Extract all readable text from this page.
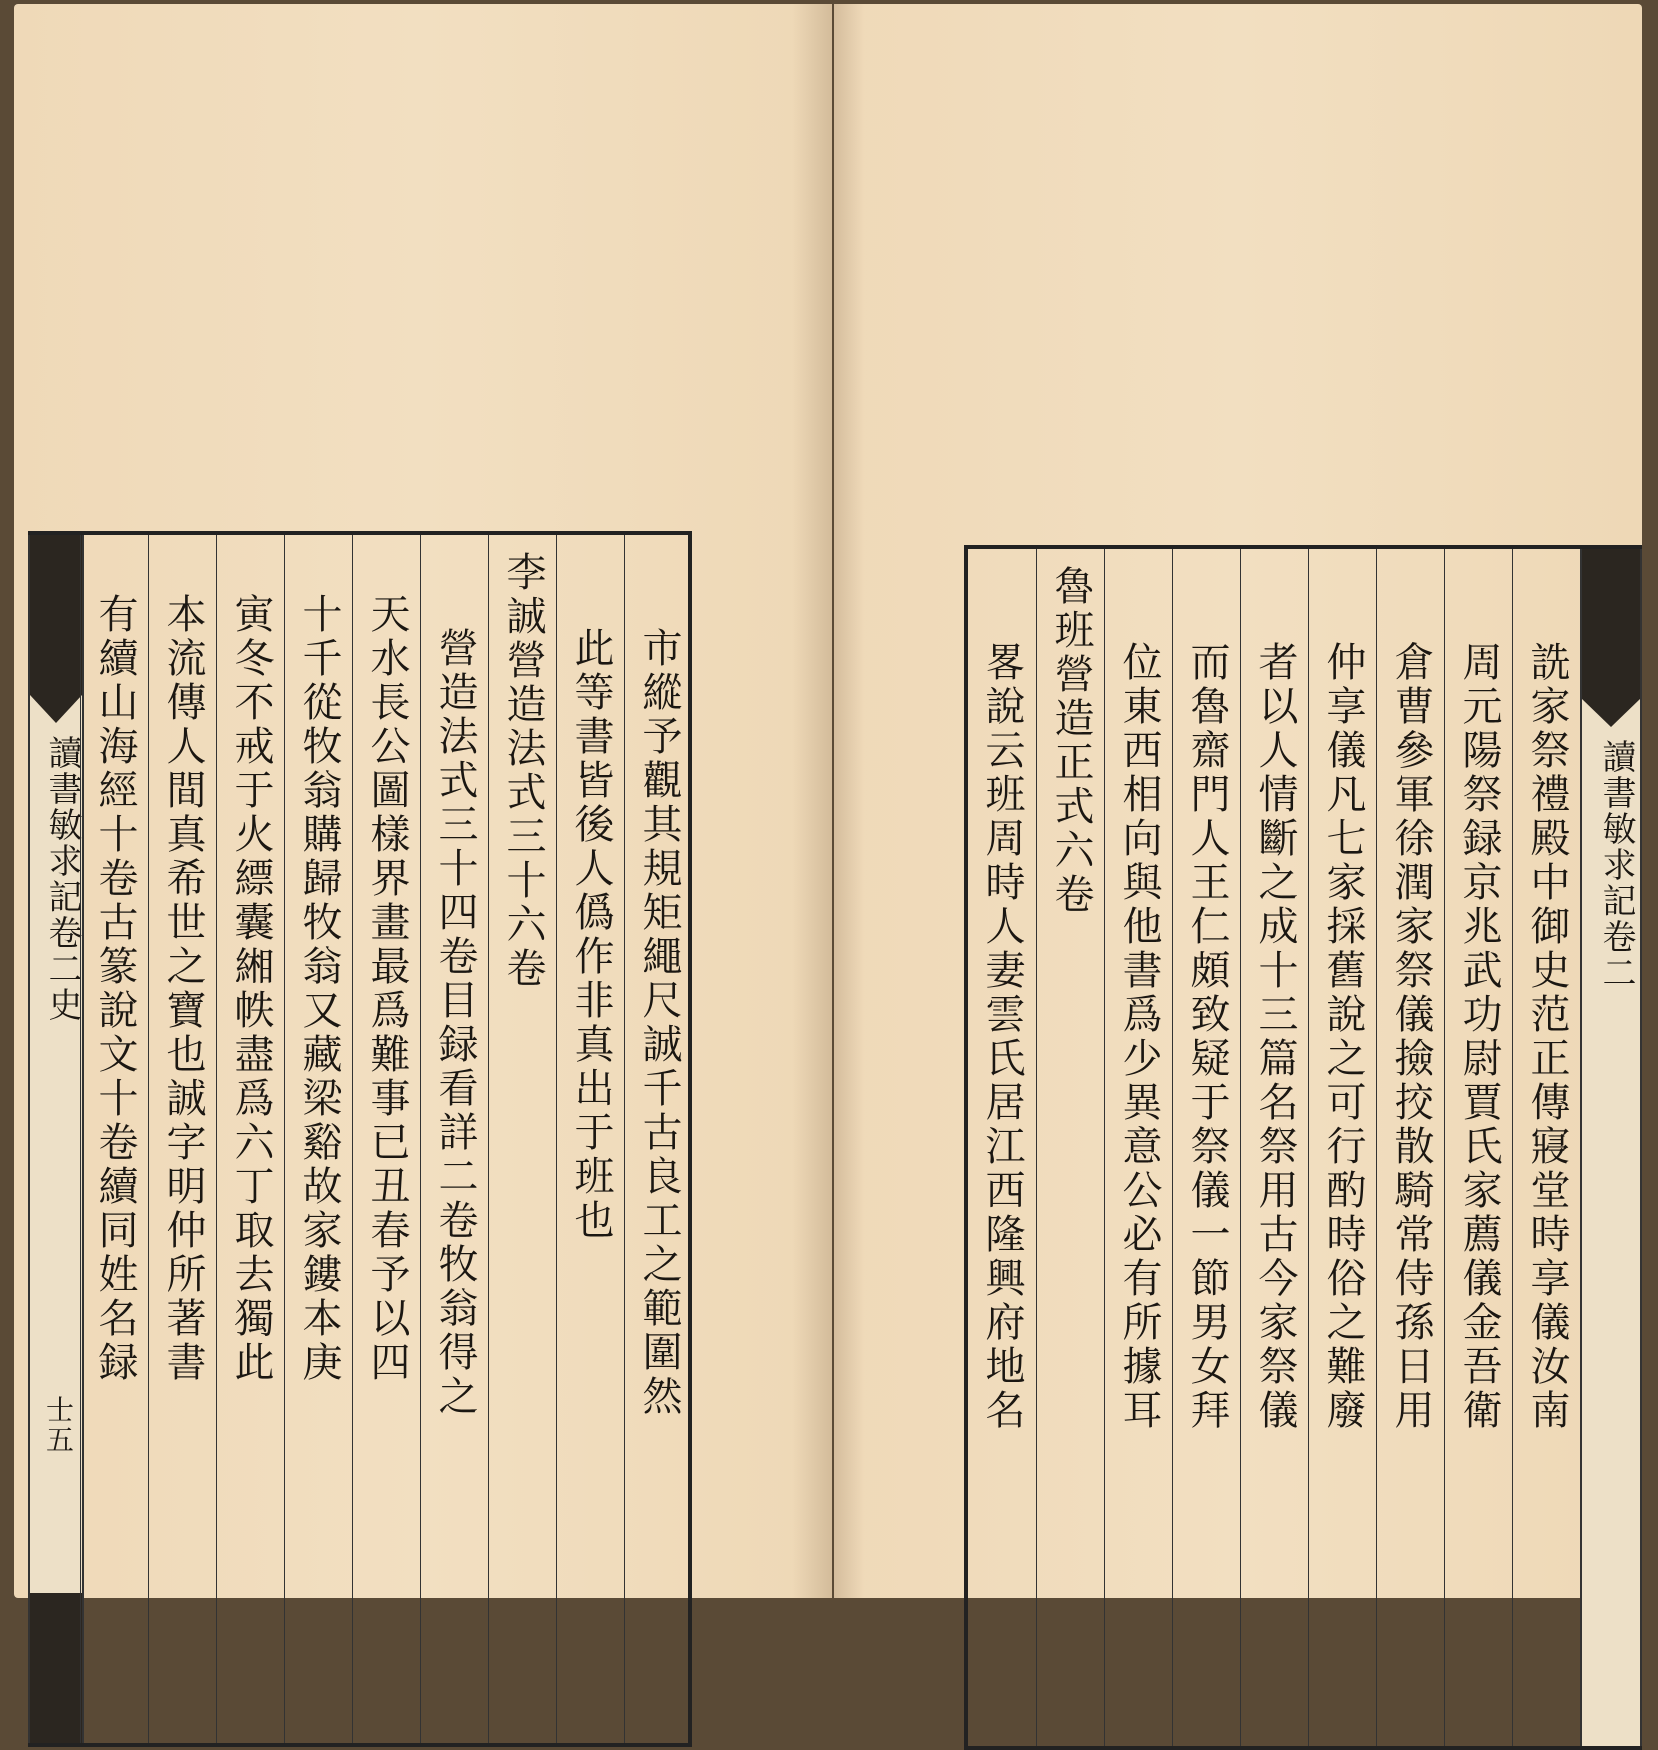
讀書敏求記卷二史
士五
有續山海經十卷古篆說文十卷續同姓名録 本流傳人間真希世之寶也誠字明仲所著書 寅冬不戒于火縹囊緗帙盡爲六丁取去獨此 十千從牧翁購歸牧翁又藏梁谿故家鏤本庚 天水長公圖樣界畫最爲難事已丑春予以四 營造法式三十四卷目録看詳二卷牧翁得之 李誠營造法式三十六卷 此等書皆後人僞作非真出于班也 市縱予觀其規矩繩尺誠千古良工之範圍然	畧說云班周時人妻雲氏居江西隆興府地名 魯班營造正式六卷 位東西相向與他書爲少異意公必有所據耳 而魯齋門人王仁頗致疑于祭儀一節男女拜 者以人情斷之成十三篇名祭用古今家祭儀 仲享儀凡七家採舊說之可行酌時俗之難廢 倉曹參軍徐潤家祭儀撿挍散騎常侍孫日用 周元陽祭録京兆武功尉賈氏家薦儀金吾衛 詵家祭禮殿中御史范正傳寢堂時享儀汝南 讀書敏求記卷二
